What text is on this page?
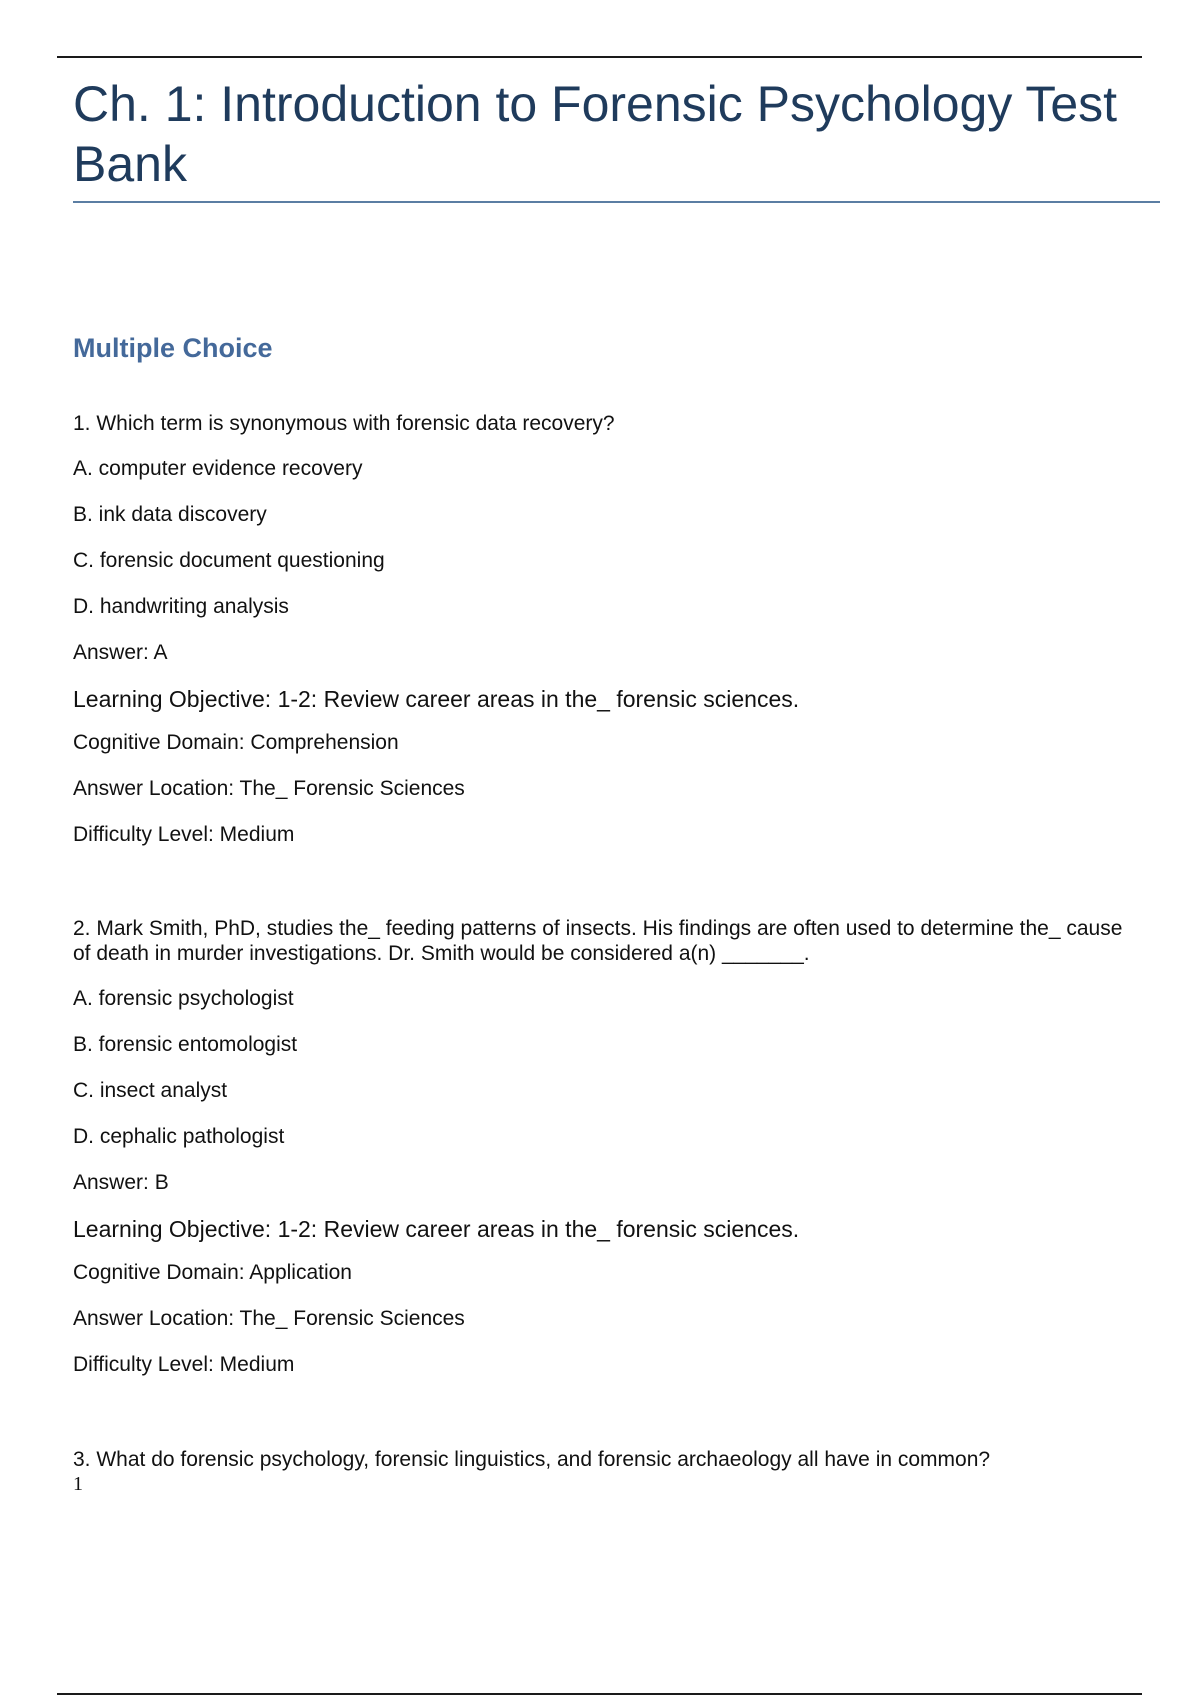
Ch. 1: Introduction to Forensic Psychology Test Bank
Multiple Choice

1. Which term is synonymous with forensic data recovery?

A. computer evidence recovery

B. ink data discovery

C. forensic document questioning

D. handwriting analysis

Answer: A

Learning Objective: 1-2: Review career areas in the_ forensic sciences.

Cognitive Domain: Comprehension

Answer Location: The_ Forensic Sciences

Difficulty Level: Medium

2. Mark Smith, PhD, studies the_ feeding patterns of insects. His findings are often used to determine the_ cause of death in murder investigations. Dr. Smith would be considered a(n) _______.

A. forensic psychologist

B. forensic entomologist

C. insect analyst

D. cephalic pathologist

Answer: B

Learning Objective: 1-2: Review career areas in the_ forensic sciences.

Cognitive Domain: Application

Answer Location: The_ Forensic Sciences

Difficulty Level: Medium

3. What do forensic psychology, forensic linguistics, and forensic archaeology all have in common?

1
